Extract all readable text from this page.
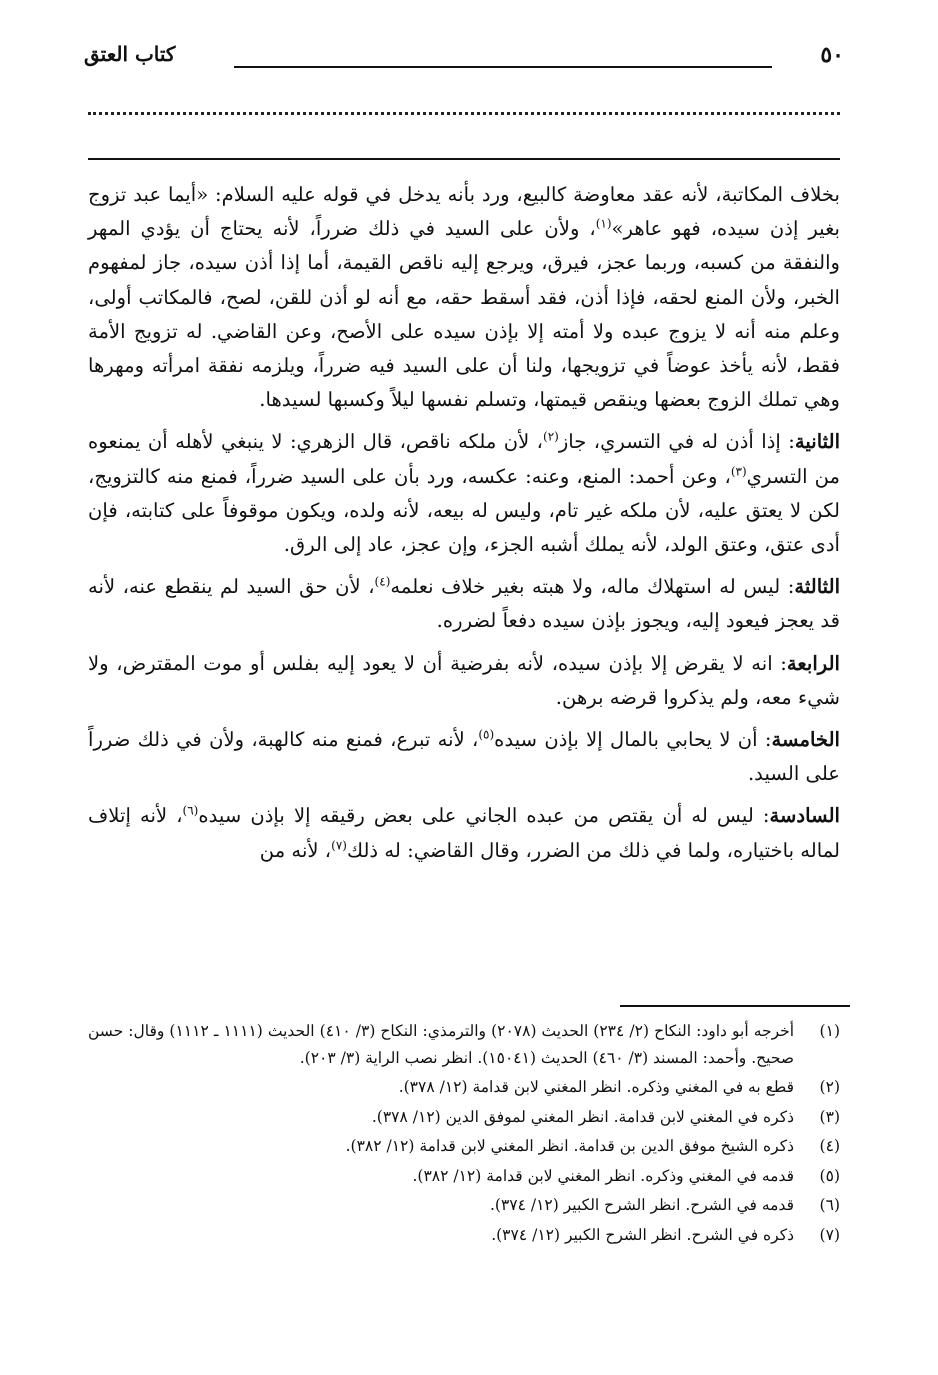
٥٠
كتاب العتق

بخلاف المكاتبة، لأنه عقد معاوضة كالبيع، ورد بأنه يدخل في قوله عليه السلام: «أيما عبد تزوج بغير إذن سيده، فهو عاهر»$^{(١)}$، ولأن على السيد في ذلك ضرراً، لأنه يحتاج أن يؤدي المهر والنفقة من كسبه، وربما عجز، فيرق، ويرجع إليه ناقص القيمة، أما إذا أذن سيده، جاز لمفهوم الخبر، ولأن المنع لحقه، فإذا أذن، فقد أسقط حقه، مع أنه لو أذن للقن، لصح، فالمكاتب أولى، وعلم منه أنه لا يزوج عبده ولا أمته إلا بإذن سيده على الأصح، وعن القاضي. له تزويج الأمة فقط، لأنه يأخذ عوضاً في تزويجها، ولنا أن على السيد فيه ضرراً، ويلزمه نفقة امرأته ومهرها وهي تملك الزوج بعضها وينقص قيمتها، وتسلم نفسها ليلاً وكسبها لسيدها.

الثانية: إذا أذن له في التسري، جاز$^{(٢)}$، لأن ملكه ناقص، قال الزهري: لا ينبغي لأهله أن يمنعوه من التسري$^{(٣)}$، وعن أحمد: المنع، وعنه: عكسه، ورد بأن على السيد ضرراً، فمنع منه كالتزويج، لكن لا يعتق عليه، لأن ملكه غير تام، وليس له بيعه، لأنه ولده، ويكون موقوفاً على كتابته، فإن أدى عتق، وعتق الولد، لأنه يملك أشبه الجزء، وإن عجز، عاد إلى الرق.

الثالثة: ليس له استهلاك ماله، ولا هبته بغير خلاف نعلمه$^{(٤)}$، لأن حق السيد لم ينقطع عنه، لأنه قد يعجز فيعود إليه، ويجوز بإذن سيده دفعاً لضرره.

الرابعة: انه لا يقرض إلا بإذن سيده، لأنه بفرضية أن لا يعود إليه بفلس أو موت المقترض، ولا شيء معه، ولم يذكروا قرضه برهن.

الخامسة: أن لا يحابي بالمال إلا بإذن سيده$^{(٥)}$، لأنه تبرع، فمنع منه كالهبة، ولأن في ذلك ضرراً على السيد.

السادسة: ليس له أن يقتص من عبده الجاني على بعض رقيقه إلا بإذن سيده$^{(٦)}$، لأنه إتلاف لماله باختياره، ولما في ذلك من الضرر، وقال القاضي: له ذلك$^{(٧)}$، لأنه من

(١)
أخرجه أبو داود: النكاح (٢/ ٢٣٤) الحديث (٢٠٧٨) والترمذي: النكاح (٣/ ٤١٠) الحديث (١١١١ ـ ١١١٢) وقال: حسن صحيح. وأحمد: المسند (٣/ ٤٦٠) الحديث (١٥٠٤١). انظر نصب الراية (٣/ ٢٠٣).
(٢)
قطع به في المغني وذكره. انظر المغني لابن قدامة (١٢/ ٣٧٨).
(٣)
ذكره في المغني لابن قدامة. انظر المغني لموفق الدين (١٢/ ٣٧٨).
(٤)
ذكره الشيخ موفق الدين بن قدامة. انظر المغني لابن قدامة (١٢/ ٣٨٢).
(٥)
قدمه في المغني وذكره. انظر المغني لابن قدامة (١٢/ ٣٨٢).
(٦)
قدمه في الشرح. انظر الشرح الكبير (١٢/ ٣٧٤).
(٧)
ذكره في الشرح. انظر الشرح الكبير (١٢/ ٣٧٤).
